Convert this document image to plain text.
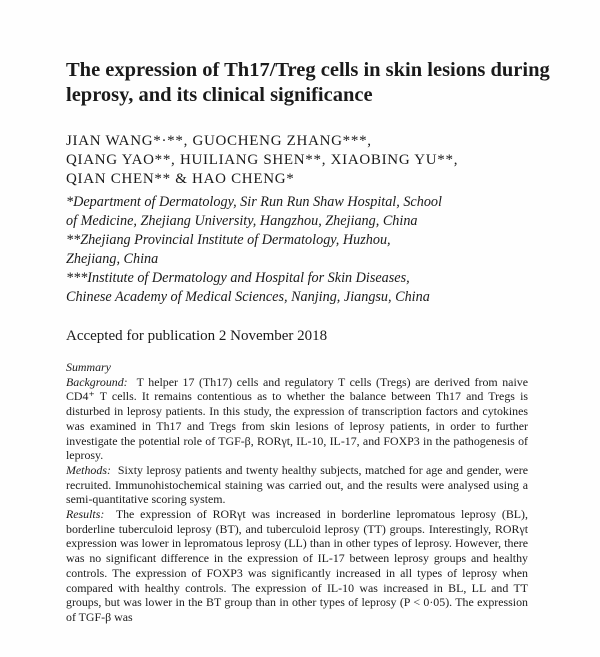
The expression of Th17/Treg cells in skin lesions during leprosy, and its clinical significance
JIAN WANG*·**, GUOCHENG ZHANG***,
QIANG YAO**, HUILIANG SHEN**, XIAOBING YU**,
QIAN CHEN** & HAO CHENG*
*Department of Dermatology, Sir Run Run Shaw Hospital, School
of Medicine, Zhejiang University, Hangzhou, Zhejiang, China
**Zhejiang Provincial Institute of Dermatology, Huzhou,
Zhejiang, China
***Institute of Dermatology and Hospital for Skin Diseases,
Chinese Academy of Medical Sciences, Nanjing, Jiangsu, China
Accepted for publication 2 November 2018

Summary

Background: T helper 17 (Th17) cells and regulatory T cells (Tregs) are derived from naive CD4⁺ T cells. It remains contentious as to whether the balance between Th17 and Tregs is disturbed in leprosy patients. In this study, the expression of transcription factors and cytokines was examined in Th17 and Tregs from skin lesions of leprosy patients, in order to further investigate the potential role of TGF-β, RORγt, IL-10, IL-17, and FOXP3 in the pathogenesis of leprosy.

Methods: Sixty leprosy patients and twenty healthy subjects, matched for age and gender, were recruited. Immunohistochemical staining was carried out, and the results were analysed using a semi-quantitative scoring system.

Results: The expression of RORγt was increased in borderline lepromatous leprosy (BL), borderline tuberculoid leprosy (BT), and tuberculoid leprosy (TT) groups. Interestingly, RORγt expression was lower in lepromatous leprosy (LL) than in other types of leprosy. However, there was no significant difference in the expression of IL-17 between leprosy groups and healthy controls. The expression of FOXP3 was significantly increased in all types of leprosy when compared with healthy controls. The expression of IL-10 was increased in BL, LL and TT groups, but was lower in the BT group than in other types of leprosy (P < 0·05). The expression of TGF-β was
